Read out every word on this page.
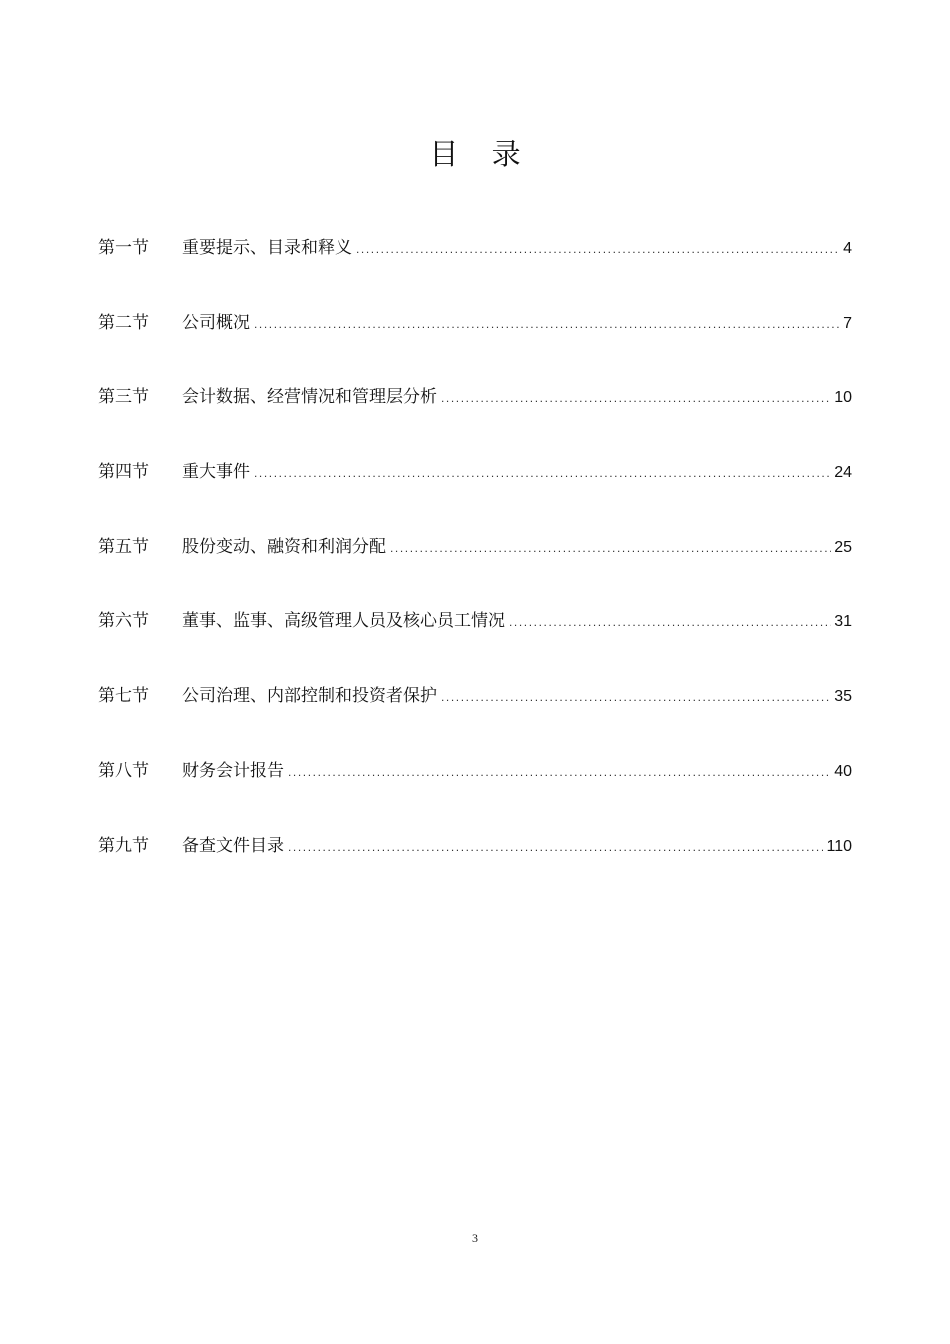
目 录
第一节	重要提示、目录和释义 .....	4
第二节	公司概况 .....	7
第三节	会计数据、经营情况和管理层分析 .....	10
第四节	重大事件 .....	24
第五节	股份变动、融资和利润分配 .....	25
第六节	董事、监事、高级管理人员及核心员工情况 .....	31
第七节	公司治理、内部控制和投资者保护 .....	35
第八节	财务会计报告 .....	40
第九节	备查文件目录 .....	110
3
